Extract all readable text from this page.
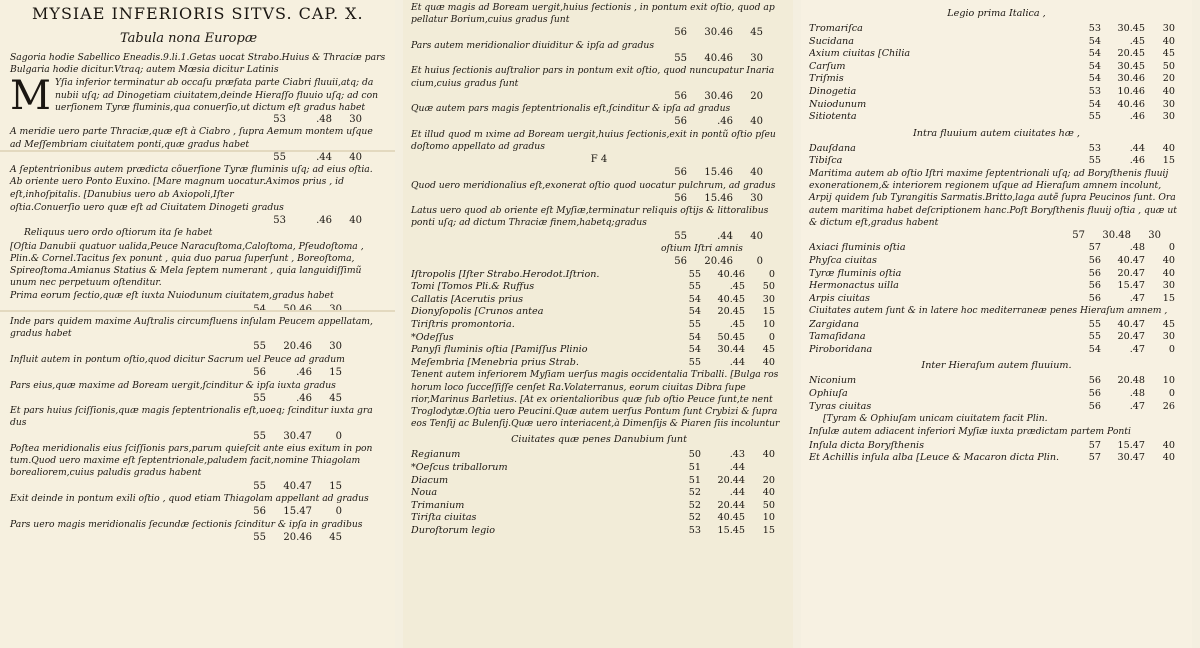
MYSIAE INFERIORIS SITVS. CAP. X.
Tabula nona Europæ
Sagoria hodie Sabellico Eneadis.9.li.1.Getas uocat Strabo.Huius & Thraciæ pars Bulgaria hodie dicitur.Vtraq; autem Mœsia dicitur Latinis
M Yſia inferior terminatur ab occaſu præfata parte Ciabri fluuii,atq; da nubii uſq; ad Dinogetiam ciuitatem,deinde Hieraſſo fluuio uſq; ad con uerſionem Tyræ fluminis,qua conuerſio,ut dictum eſt gradus habet
53	.48	30
A meridie uero parte Thraciæ,quæ eſt à Ciabro , ſupra Aemum montem uſque ad Meſſembriam ciuitatem ponti,quæ gradus habet
55	.44	40
A ſeptentrionibus autem prædicta cõuerſione Tyræ fluminis uſq; ad eius oſtia. Ab oriente uero Ponto Euxino. [Mare magnum uocatur.Aximos prius , id eſt,inhoſpitalis. [Danubius uero ab Axiopoli,Iſter
oſtia.Conuerſio uero quæ eſt ad Ciuitatem Dinogeti gradus
53	.46	40
Reliquus uero ordo oſtiorum ita ſe habet
[Oſtia Danubii quatuor ualida,Peuce Naracuſtoma,Caloſtoma, Pſeudoſtoma , Plin.& Cornel.Tacitus ſex ponunt , quia duo parua ſuperſunt , Boreoſtoma, Spireoſtoma.Amianus Statius & Mela ſeptem numerant , quia languidiſſimũ unum nec perpetuum oſtenditur.
Prima eorum ſectio,quæ eſt iuxta Nuiodunum ciuitatem,gradus habet
Inde pars quidem maxime Auſtralis circumfluens inſulam Peucem appellatam, gradus habet
55	20.46	30
Influit autem in pontum oſtio,quod dicitur Sacrum uel Peuce ad gradum
56	.46	15
Pars eius,quæ maxime ad Boream uergit,ſcinditur & ipſa iuxta gradus
55	.46	45
Et pars huius ſciſſionis,quæ magis ſeptentrionalis eſt,uoeq; ſcinditur iuxta gra dus
55	30.47	0
Poſtea meridionalis eius ſciſſionis pars,parum quieſcit ante eius exitum in pon tum.Quod uero maxime eſt ſeptentrionale,paludem facit,nomine Thiagolam borealiorem,cuius paludis gradus habent
55	40.47	15
Exit deinde in pontum exili oſtio , quod etiam Thiagolam appellant ad gradus
56	15.47	0
Pars uero magis meridionalis ſecundæ ſectionis ſcinditur & ipſa in gradibus
55	20.46	45
Et quæ magis ad Boream uergit,huius ſectionis , in pontum exit oſtio, quod ap pellatur Borium,cuius gradus ſunt
56	30.46	45
Pars autem meridionalior diuiditur & ipſa ad gradus
55	40.46	30
Et huius ſectionis auſtralior pars in pontum exit oſtio, quod nuncupatur Inaria cium,cuius gradus ſunt
56	30.46	20
Quæ autem pars magis ſeptentrionalis eſt,ſcinditur & ipſa ad gradus
56	.46	40
Et illud quod m ıxime ad Boream uergit,huius ſectionis,exit in pontũ oſtio pſeu doſtomo appellato ad gradus
F 4
56	15.46	40
Quod uero meridionalius eſt,exonerat oſtio quod uocatur pulchrum, ad gradus
56	15.46	30
Latus uero quod ab oriente eſt Myſiæ,terminatur reliquis oſtijs & littoralibus ponti uſq; ad dictum Thraciæ finem,habetq;gradus
55	.44	40
oſtium Iſtri amnis
56	20.46	0
Iſtropolis [Iſter Strabo.Herodot.Iſtrion.	55	40.46	0
Tomi [Tomos Pli.& Ruffus	55	.45	50
Callatis [Acerutis prius	54	40.45	30
Dionyſopolis [Crunos antea	54	20.45	15
Tiriſtris promontoria.	55	.45	10
*Odeſſus	54	50.45	0
Panyſi fluminis oſtia [Pamiſſus Plinio	54	30.44	45
Meſembria [Menebria prius Strab.	55	.44	40
Tenent autem inferiorem Myſiam uerſus magis occidentalia Triballi. [Bulga ros horum loco ſucceſſiſſe cenſet Ra.Volaterranus, eorum ciuitas Dibra ſupe rior,Marinus Barletius. [At ex orientalioribus quæ ſub oſtio Peuce ſunt,te nent Troglodytæ.Oſtia uero Peucini.Quæ autem uerſus Pontum ſunt Crybizi & ſupra eos Tenſij ac Bulenſij.Quæ uero interiacent,à Dimenſijs & Piaren ſiis incoluntur
Ciuitates quæ penes Danubium ſunt
Regianum	50	.43	40
*Oeſcus triballorum	51	.44
Diacum	51	20.44	20
Noua	52	.44	40
Trimanium	52	20.44	50
Tiriſta ciuitas	52	40.45	10
Duroſtorum legio	53	15.45	15
Legio prima Italica ,
Tromariſca	53	30.45	30
Sucidana	54	.45	40
Axium ciuitas [Chilia	54	20.45	45
Carſum	54	30.45	50
Triſmis	54	30.46	20
Dinogetia	53	10.46	40
Nuiodunum	54	40.46	30
Sitiotenta	55	.46	30
Intra fluuium autem ciuitates hæ ,
Dauſdana	53	.44	40
Tibiſca	55	.46	15
Maritima autem ab oſtio Iſtri maxime ſeptentrionali uſq; ad Boryſthenis fluuij exonerationem,& interiorem regionem uſque ad Hieraſum amnem incolunt, Arpij quidem ſub Tyrangitis Sarmatis.Britto,laga autẽ ſupra Peucinos ſunt. Ora autem maritima habet deſcriptionem hanc.Poſt Boryſthenis fluuij oſtia , quæ ut & dictum eſt,gradus habent
57	30.48	30
Axiaci fluminis oſtia	57	.48	0
Phyſca ciuitas	56	40.47	40
Tyræ fluminis oſtia	56	20.47	40
Hermonactus uilla	56	15.47	30
Arpis ciuitas	56	.47	15
Ciuitates autem ſunt & in latere hoc mediterraneæ penes Hieraſum amnem ,
Zargidana	55	40.47	45
Tamaſidana	55	20.47	30
Piroboridana	54	.47	0
Inter Hieraſum autem fluuium.
Niconium	56	20.48	10
Ophiuſa	56	.48	0
Tyras ciuitas	56	.47	26
[Tyram & Ophiuſam unicam ciuitatem facit Plin.
Inſulæ autem adiacent inferiori Myſiæ iuxta prædictam partem Ponti
Inſula dicta Boryſthenis	57	15.47	40
Et Achillis inſula alba [Leuce & Macaron dicta Plin.	57	30.47	40
